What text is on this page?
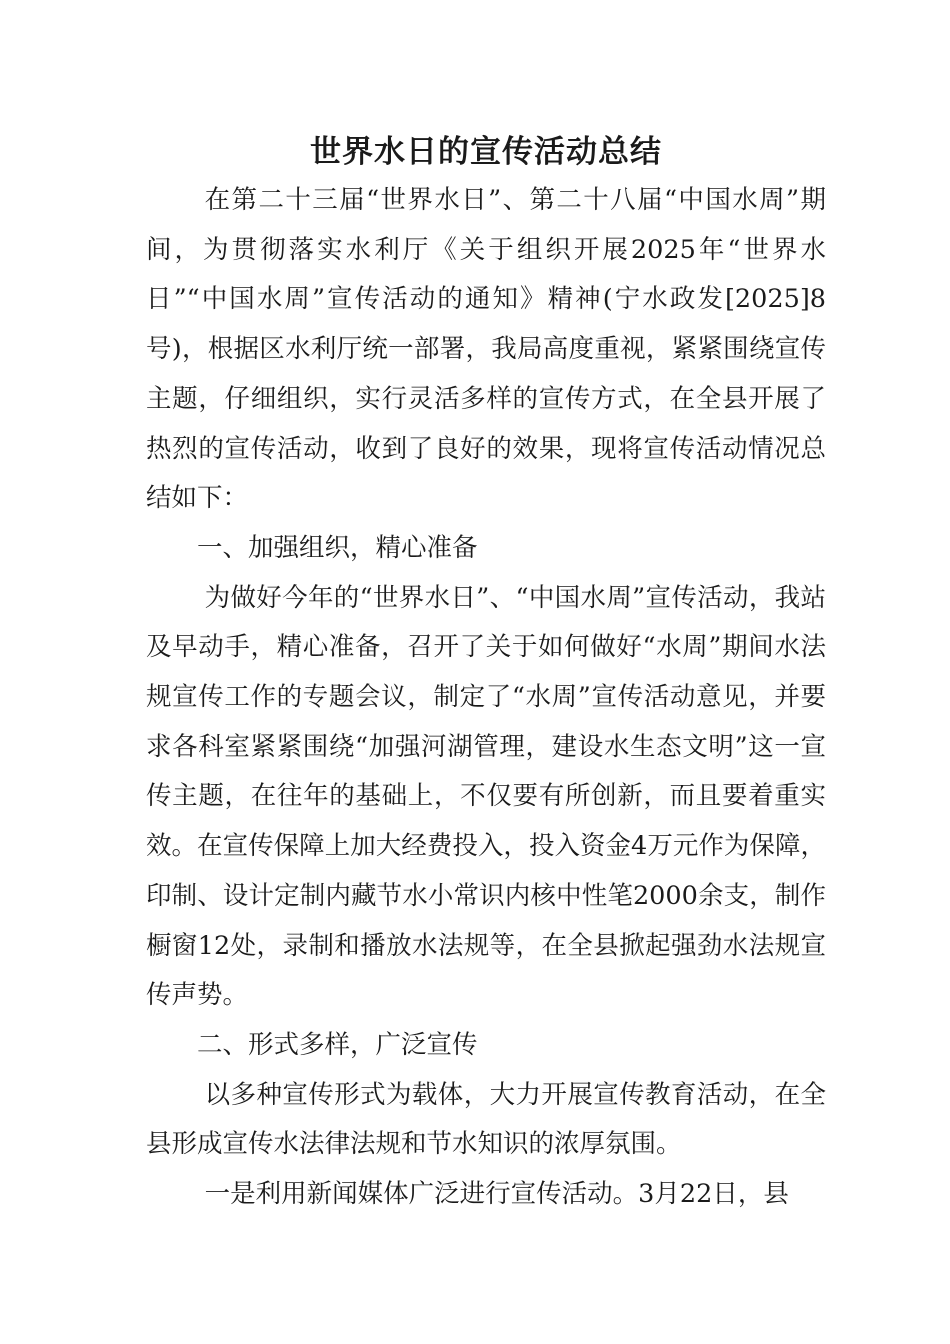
世界水日的宣传活动总结

在第二十三届“世界水日”、第二十八届“中国水周”期间，为贯彻落实水利厅《关于组织开展2025年“世界水日”“中国水周”宣传活动的通知》精神(宁水政发[2025]8号)，根据区水利厅统一部署，我局高度重视，紧紧围绕宣传主题，仔细组织，实行灵活多样的宣传方式，在全县开展了热烈的宣传活动，收到了良好的效果，现将宣传活动情况总结如下：

一、加强组织，精心准备

为做好今年的“世界水日”、“中国水周”宣传活动，我站及早动手，精心准备，召开了关于如何做好“水周”期间水法规宣传工作的专题会议，制定了“水周”宣传活动意见，并要求各科室紧紧围绕“加强河湖管理，建设水生态文明”这一宣传主题，在往年的基础上，不仅要有所创新，而且要着重实效。在宣传保障上加大经费投入，投入资金4万元作为保障，印制、设计定制内藏节水小常识内核中性笔2000余支，制作橱窗12处，录制和播放水法规等，在全县掀起强劲水法规宣传声势。

二、形式多样，广泛宣传

以多种宣传形式为载体，大力开展宣传教育活动，在全县形成宣传水法律法规和节水知识的浓厚氛围。

一是利用新闻媒体广泛进行宣传活动。3月22日，县
